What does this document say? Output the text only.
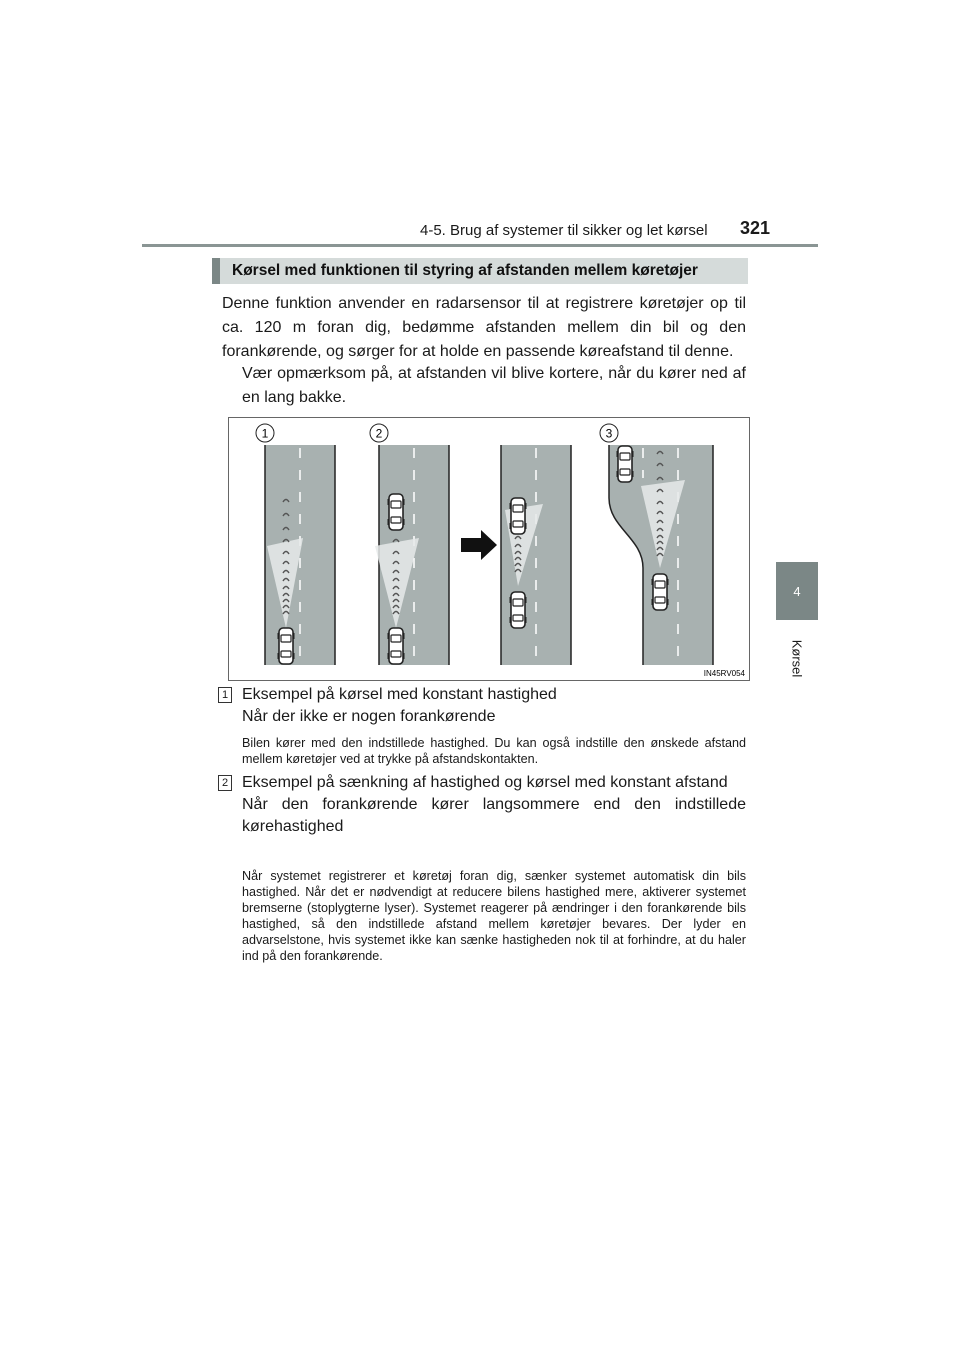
4-5. Brug af systemer til sikker og let kørsel 321
4
Kørsel
Kørsel med funktionen til styring af afstanden mellem køretøjer
Denne funktion anvender en radarsensor til at registrere køretøjer op til ca. 120 m foran dig, bedømme afstanden mellem din bil og den forankørende, og sørger for at holde en passende køreafstand til denne.
Vær opmærksom på, at afstanden vil blive kortere, når du kører ned af en lang bakke.
1	2	3
IN45RV054
1 Eksempel på kørsel med konstant hastighed
Når der ikke er nogen forankørende
Bilen kører med den indstillede hastighed. Du kan også indstille den ønskede afstand mellem køretøjer ved at trykke på afstandskontakten.
2 Eksempel på sænkning af hastighed og kørsel med konstant afstand
Når den forankørende kører langsommere end den indstillede kørehastighed
Når systemet registrerer et køretøj foran dig, sænker systemet automatisk din bils hastighed. Når det er nødvendigt at reducere bilens hastighed mere, aktiverer systemet bremserne (stoplygterne lyser). Systemet reagerer på ændringer i den forankørende bils hastighed, så den indstillede afstand mellem køretøjer bevares. Der lyder en advarselstone, hvis systemet ikke kan sænke hastigheden nok til at forhindre, at du haler ind på den forankørende.
